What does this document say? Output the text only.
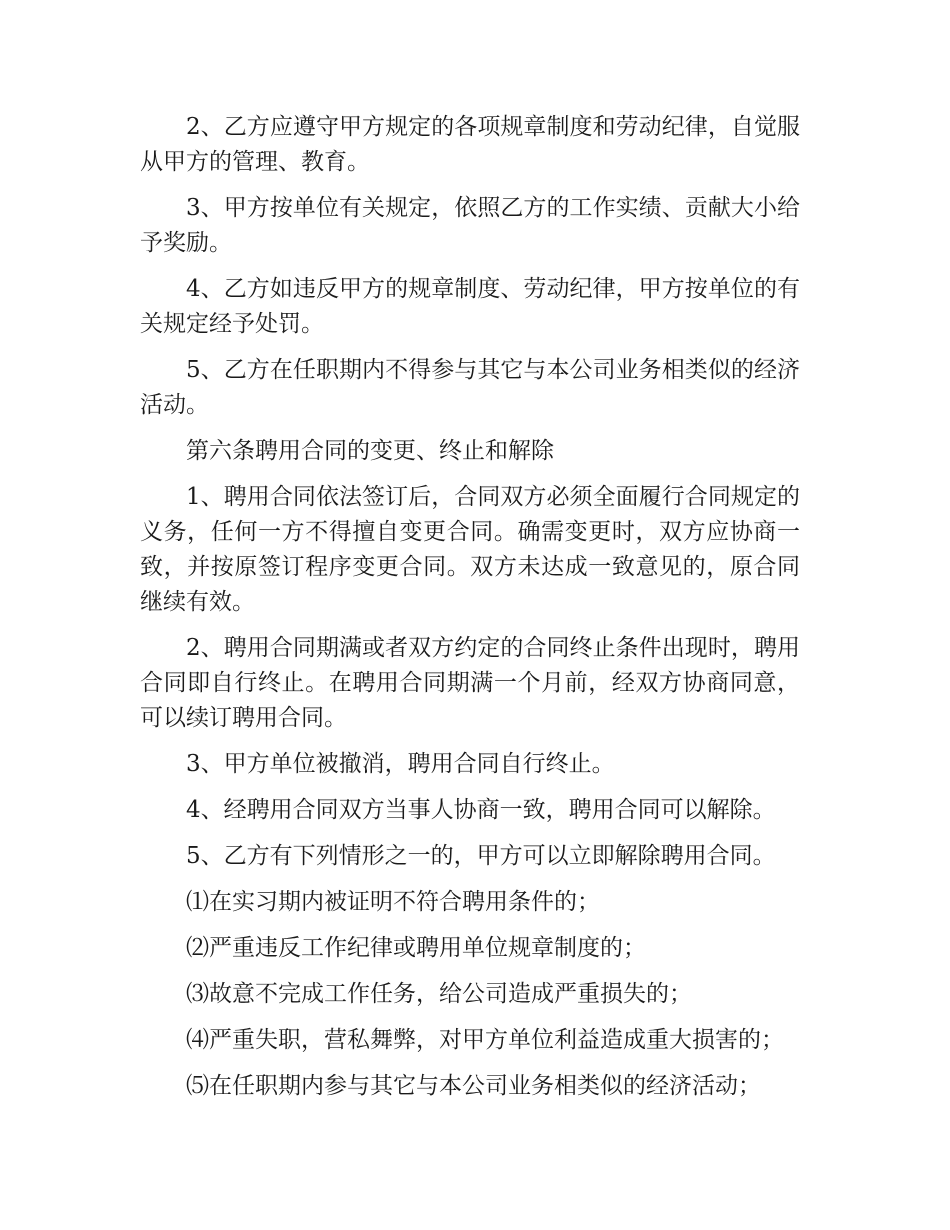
2、乙方应遵守甲方规定的各项规章制度和劳动纪律，自觉服从甲方的管理、教育。

3、甲方按单位有关规定，依照乙方的工作实绩、贡献大小给予奖励。

4、乙方如违反甲方的规章制度、劳动纪律，甲方按单位的有关规定经予处罚。

5、乙方在任职期内不得参与其它与本公司业务相类似的经济活动。

第六条聘用合同的变更、终止和解除

1、聘用合同依法签订后，合同双方必须全面履行合同规定的义务，任何一方不得擅自变更合同。确需变更时，双方应协商一致，并按原签订程序变更合同。双方未达成一致意见的，原合同继续有效。

2、聘用合同期满或者双方约定的合同终止条件出现时，聘用合同即自行终止。在聘用合同期满一个月前，经双方协商同意，可以续订聘用合同。

3、甲方单位被撤消，聘用合同自行终止。

4、经聘用合同双方当事人协商一致，聘用合同可以解除。

5、乙方有下列情形之一的，甲方可以立即解除聘用合同。

⑴在实习期内被证明不符合聘用条件的；

⑵严重违反工作纪律或聘用单位规章制度的；

⑶故意不完成工作任务，给公司造成严重损失的；

⑷严重失职，营私舞弊，对甲方单位利益造成重大损害的；

⑸在任职期内参与其它与本公司业务相类似的经济活动；
